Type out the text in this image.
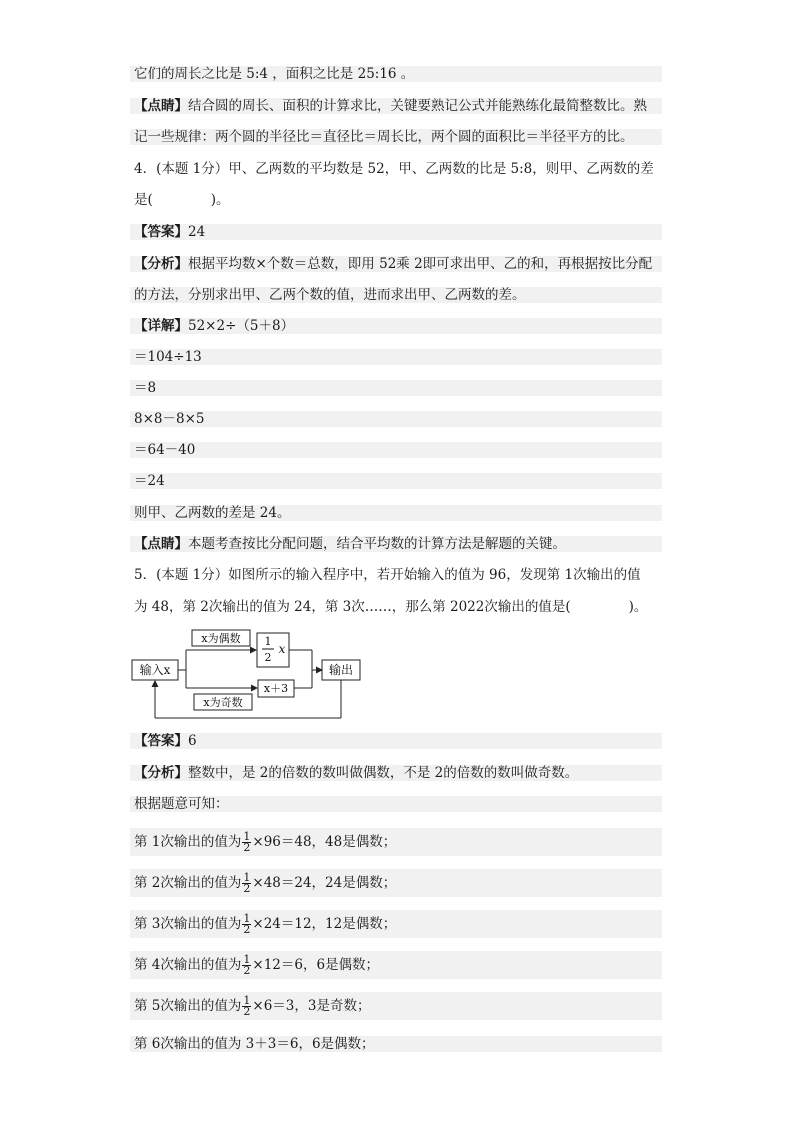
它们的周长之比是 5:4 ，面积之比是 25:16 。
【点睛】结合圆的周长、面积的计算求比，关键要熟记公式并能熟练化最简整数比。熟
记一些规律：两个圆的半径比＝直径比＝周长比，两个圆的面积比＝半径平方的比。
4．(本题 1分）甲、乙两数的平均数是 52，甲、乙两数的比是 5:8，则甲、乙两数的差
是(	)。
【答案】24
【分析】根据平均数×个数＝总数，即用 52乘 2即可求出甲、乙的和，再根据按比分配
的方法，分别求出甲、乙两个数的值，进而求出甲、乙两数的差。
【详解】52×2÷（5＋8）
＝104÷13
＝8
8×8－8×5
＝64－40
＝24
则甲、乙两数的差是 24。
【点睛】本题考查按比分配问题，结合平均数的计算方法是解题的关键。
5．(本题 1分）如图所示的输入程序中，若开始输入的值为 96，发现第 1次输出的值
为 48，第 2次输出的值为 24，第 3次……，那么第 2022次输出的值是(	)。
输入x
x为偶数
x为奇数
1
2
x
x＋3
输出
【答案】6
【分析】整数中，是 2的倍数的数叫做偶数，不是 2的倍数的数叫做奇数。
根据题意可知：
第 1次输出的值为 $\frac{1}{2} \times 96=48$，48是偶数；
第 2次输出的值为 $\frac{1}{2} \times 48=24$，24是偶数；
第 3次输出的值为 $\frac{1}{2} \times 24=12$，12是偶数；
第 4次输出的值为 $\frac{1}{2} \times 12=6$，6是偶数；
第 5次输出的值为 $\frac{1}{2} \times 6=3$，3是奇数；
第 6次输出的值为 3＋3＝6，6是偶数；
